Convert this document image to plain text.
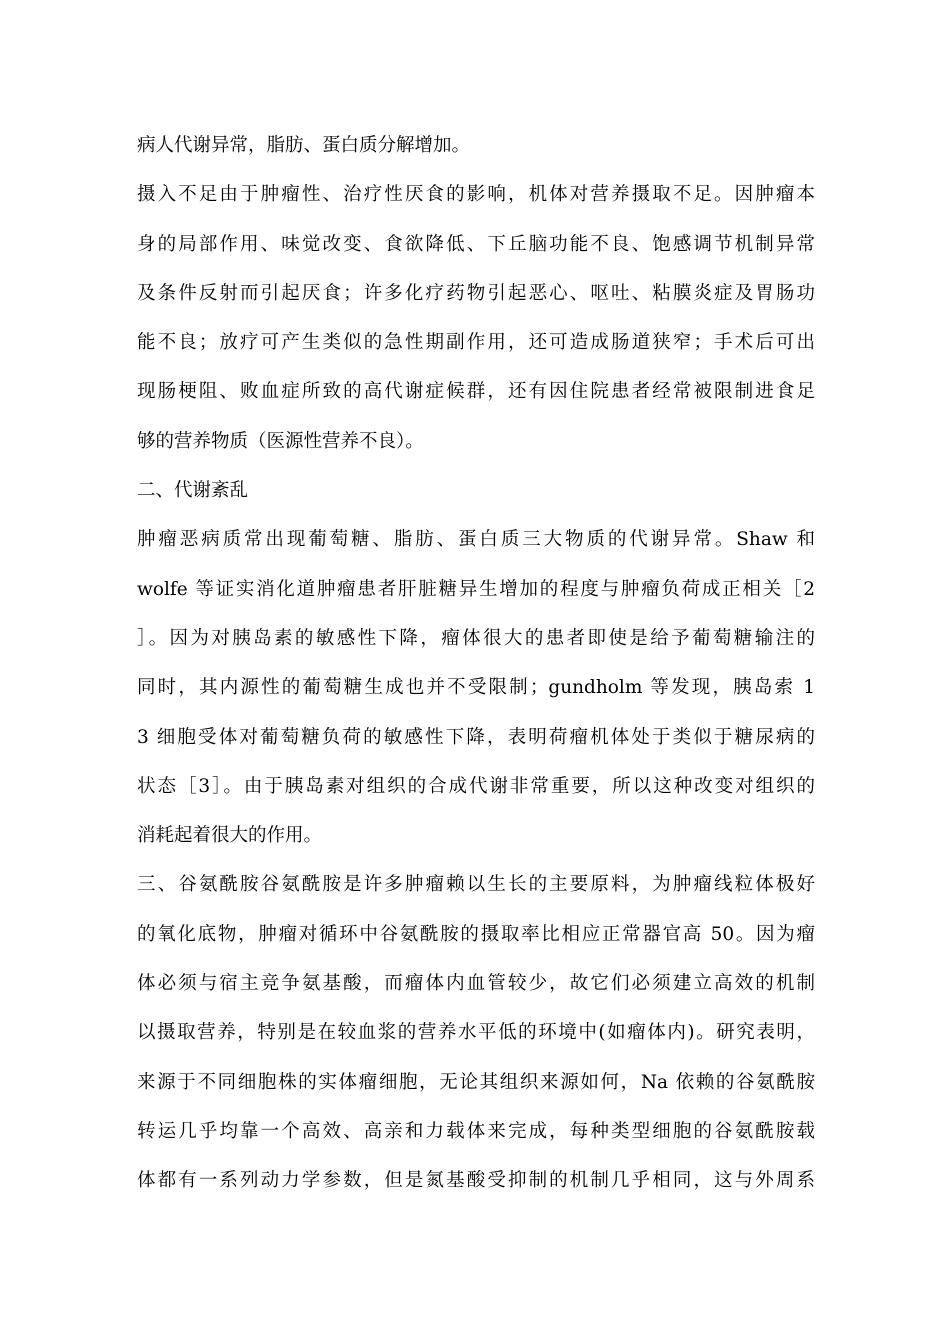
病人代谢异常，脂肪、蛋白质分解增加。
摄入不足由于肿瘤性、治疗性厌食的影响，机体对营养摄取不足。因肿瘤本
身的局部作用、味觉改变、食欲降低、下丘脑功能不良、饱感调节机制异常
及条件反射而引起厌食；许多化疗药物引起恶心、呕吐、粘膜炎症及胃肠功
能不良；放疗可产生类似的急性期副作用，还可造成肠道狭窄；手术后可出
现肠梗阻、败血症所致的高代谢症候群，还有因住院患者经常被限制进食足
够的营养物质（医源性营养不良）。
二、代谢紊乱
肿瘤恶病质常出现葡萄糖、脂肪、蛋白质三大物质的代谢异常。Shaw 和
wolfe 等证实消化道肿瘤患者肝脏糖异生增加的程度与肿瘤负荷成正相关［2
］。因为对胰岛素的敏感性下降，瘤体很大的患者即使是给予葡萄糖输注的
同时，其内源性的葡萄糖生成也并不受限制；gundholm 等发现，胰岛索 1
3 细胞受体对葡萄糖负荷的敏感性下降，表明荷瘤机体处于类似于糖尿病的
状态［3］。由于胰岛素对组织的合成代谢非常重要，所以这种改变对组织的
消耗起着很大的作用。
三、谷氨酰胺谷氨酰胺是许多肿瘤赖以生长的主要原料，为肿瘤线粒体极好
的氧化底物，肿瘤对循环中谷氨酰胺的摄取率比相应正常器官高 50。因为瘤
体必须与宿主竞争氨基酸，而瘤体内血管较少，故它们必须建立高效的机制
以摄取营养，特别是在较血浆的营养水平低的环境中(如瘤体内)。研究表明，
来源于不同细胞株的实体瘤细胞，无论其组织来源如何，Na 依赖的谷氨酰胺
转运几乎均靠一个高效、高亲和力载体来完成，每种类型细胞的谷氨酰胺载
体都有一系列动力学参数，但是氮基酸受抑制的机制几乎相同，这与外周系
